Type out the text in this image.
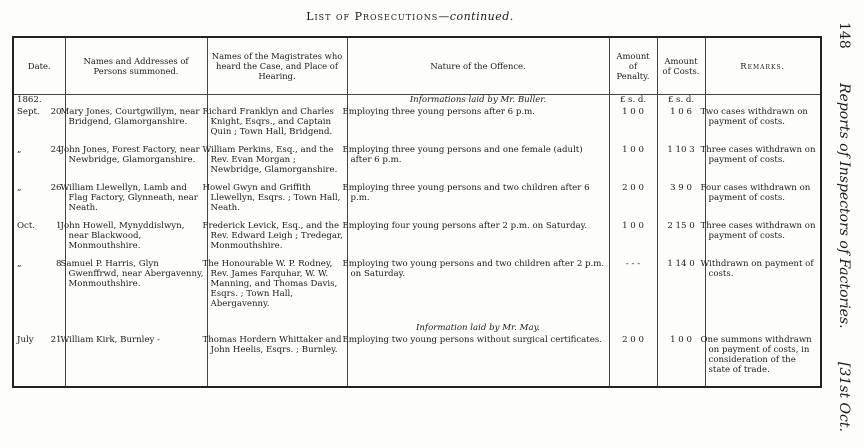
List of Prosecutions—continued.
148
Reports of Inspectors of Factories.
[31st Oct.
Date.	Names and Addresses of Persons summoned.	Names of the Magistrates who heard the Case, and Place of Hearing.	Nature of the Offence.	Amount of Penalty.	Amount of Costs.	Remarks.
1862.			Informations laid by Mr. Buller.	£ s. d.	£ s. d.	
Sept. 20	Mary Jones, Courtgwillym, near Bridgend, Glamorganshire.	Richard Franklyn and Charles Knight, Esqrs., and Captain Quin ; Town Hall, Bridgend.	Employing three young persons after 6 p.m.	1 0 0	1 0 6	Two cases withdrawn on payment of costs.
„ 24	John Jones, Forest Factory, near Newbridge, Glamorganshire.	William Perkins, Esq., and the Rev. Evan Morgan ; Newbridge, Glamorganshire.	Employing three young persons and one female (adult) after 6 p.m.	1 0 0	1 10 3	Three cases withdrawn on payment of costs.
„ 26	William Llewellyn, Lamb and Flag Factory, Glynneath, near Neath.	Howel Gwyn and Griffith Llewellyn, Esqrs. ; Town Hall, Neath.	Employing three young persons and two children after 6 p.m.	2 0 0	3 9 0	Four cases withdrawn on payment of costs.
Oct. 1	John Howell, Mynyddislwyn, near Blackwood, Monmouthshire.	Frederick Levick, Esq., and the Rev. Edward Leigh ; Tredegar, Monmouthshire.	Employing four young persons after 2 p.m. on Saturday.	1 0 0	2 15 0	Three cases withdrawn on payment of costs.
„ 8	Samuel P. Harris, Glyn Gwenffrwd, near Abergavenny, Monmouthshire.	The Honourable W. P. Rodney, Rev. James Farquhar, W. W. Manning, and Thomas Davis, Esqrs. ; Town Hall, Abergavenny.	Employing two young persons and two children after 2 p.m. on Saturday.	- - -	1 14 0	Withdrawn on payment of costs.
			Information laid by Mr. May.			
July 21	William Kirk, Burnley -	Thomas Hordern Whittaker and John Heelis, Esqrs. ; Burnley.	Employing two young persons without surgical certificates.	2 0 0	1 0 0	One summons withdrawn on payment of costs, in consideration of the state of trade.
